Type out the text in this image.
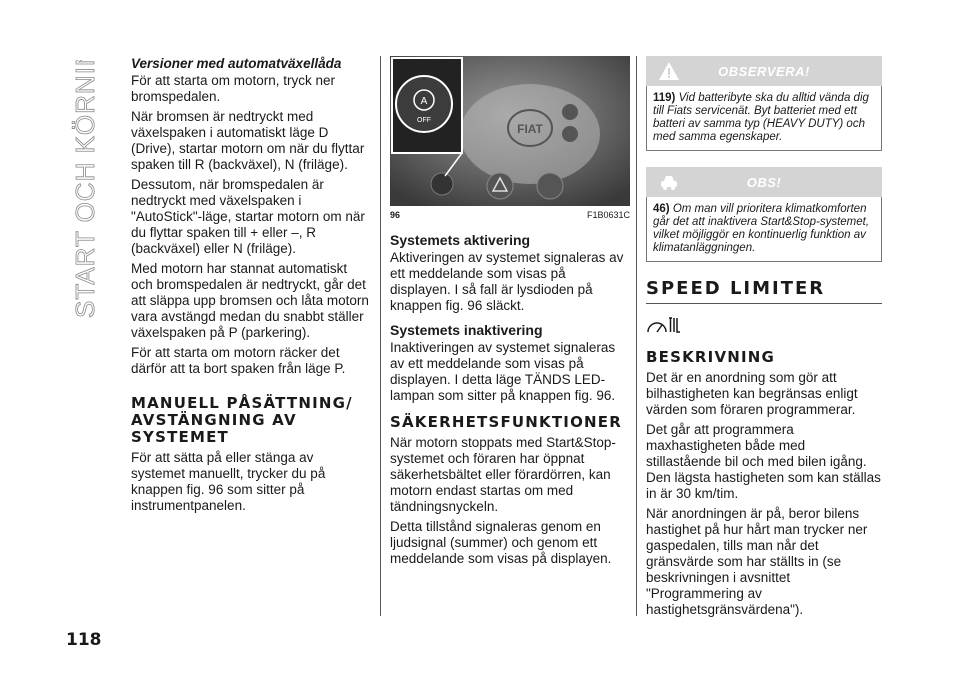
START OCH KÖRNING
118
Versioner med automatväxellåda

För att starta om motorn, tryck ner bromspedalen.

När bromsen är nedtryckt med växelspaken i automatiskt läge D (Drive), startar motorn om när du flyttar spaken till R (backväxel), N (friläge).

Dessutom, när bromspedalen är nedtryckt med växelspaken i "AutoStick"-läge, startar motorn om när du flyttar spaken till + eller –, R (backväxel) eller N (friläge).

Med motorn har stannat automatiskt och bromspedalen är nedtryckt, går det att släppa upp bromsen och låta motorn vara avstängd medan du snabbt ställer växelspaken på P (parkering).

För att starta om motorn räcker det därför att ta bort spaken från läge P.

MANUELL PÅSÄTTNING/ AVSTÄNGNING AV SYSTEMET

För att sätta på eller stänga av systemet manuellt, trycker du på knappen fig. 96 som sitter på instrumentpanelen.

FIAT
A
OFF
96	F1B0631C
Systemets aktivering

Aktiveringen av systemet signaleras av ett meddelande som visas på displayen. I så fall är lysdioden på knappen fig. 96 släckt.

Systemets inaktivering

Inaktiveringen av systemet signaleras av ett meddelande som visas på displayen. I detta läge TÄNDS LED-lampan som sitter på knappen fig. 96.

SÄKERHETSFUNKTIONER

När motorn stoppats med Start&Stop-systemet och föraren har öppnat säkerhetsbältet eller förardörren, kan motorn endast startas om med tändningsnyckeln.

Detta tillstånd signaleras genom en ljudsignal (summer) och genom ett meddelande som visas på displayen.

OBSERVERA!
119) Vid batteribyte ska du alltid vända dig till Fiats servicenät. Byt batteriet med ett batteri av samma typ (HEAVY DUTY) och med samma egenskaper.
OBS!
46) Om man vill prioritera klimatkomforten går det att inaktivera Start&Stop-systemet, vilket möjliggör en kontinuerlig funktion av klimatanläggningen.
SPEED LIMITER
BESKRIVNING

Det är en anordning som gör att bilhastigheten kan begränsas enligt värden som föraren programmerar.

Det går att programmera maxhastigheten både med stillastående bil och med bilen igång. Den lägsta hastigheten som kan ställas in är 30 km/tim.

När anordningen är på, beror bilens hastighet på hur hårt man trycker ner gaspedalen, tills man når det gränsvärde som har ställts in (se beskrivningen i avsnittet "Programmering av hastighetsgränsvärdena").
